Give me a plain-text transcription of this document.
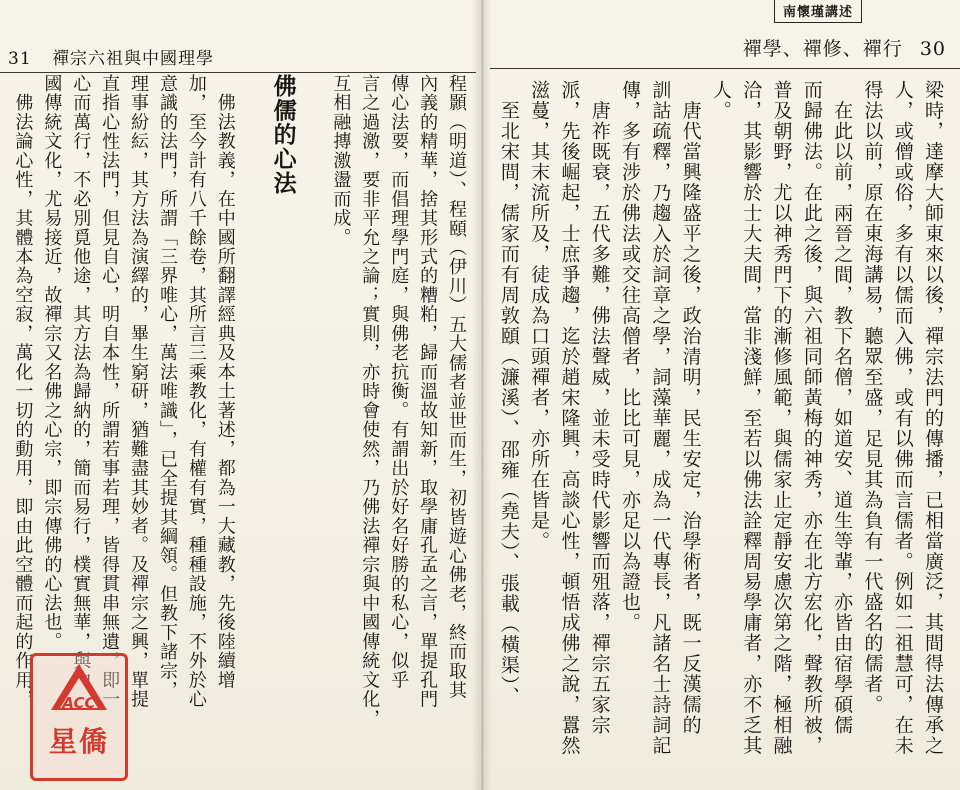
31 禪宗六祖與中國理學
程顥（明道）、程頤（伊川）五大儒者並世而生，初皆遊心佛老，終而取其
內義的精華，捨其形式的糟粕，歸而溫故知新，取學庸孔孟之言，單提孔門
傳心法要，而倡理學門庭，與佛老抗衡。有謂出於好名好勝的私心，似乎
言之過激，要非平允之論；實則，亦時會使然，乃佛法禪宗與中國傳統文化，
互相融摶激盪而成。

佛儒的心法

　佛法教義，在中國所翻譯經典及本土著述，都為一大藏教，先後陸續增
加，至今計有八千餘卷，其所言三乘教化，有權有實，種種設施，不外於心
意識的法門，所謂「三界唯心，萬法唯識」，已全提其綱領。但教下諸宗，
理事紛紜，其方法為演繹的，畢生窮研，猶難盡其妙者。及禪宗之興，單提
直指心性法門，但見自心，明自本性，所謂若事若理，皆得貫串無遺，即一
心而萬行，不必別覓他途，其方法為歸納的，簡而易行，樸實無華，與中
國傳統文化，尤易接近，故禪宗又名佛之心宗，即宗傳佛的心法也。
　佛法論心性，其體本為空寂，萬化一切的動用，即由此空體而起的作用，
南懷瑾講述
禪學、禪修、禪行 30
梁時，達摩大師東來以後，禪宗法門的傳播，已相當廣泛，其間得法傳承之
人，或僧或俗，多有以儒而入佛，或有以佛而言儒者。例如二祖慧可，在未
得法以前，原在東海講易，聽眾至盛，足見其為負有一代盛名的儒者。
　在此以前，兩晉之間，教下名僧，如道安、道生等輩，亦皆由宿學碩儒
而歸佛法。在此之後，與六祖同師黃梅的神秀，亦在北方宏化，聲教所被，
普及朝野，尤以神秀門下的漸修風範，與儒家止定靜安慮次第之階，極相融
洽，其影響於士大夫間，當非淺鮮，至若以佛法詮釋周易學庸者，亦不乏其
人。
　唐代當興隆盛平之後，政治清明，民生安定，治學術者，既一反漢儒的
訓詁疏釋，乃趨入於詞章之學，詞藻華麗，成為一代專長，凡諸名士詩詞記
傳，多有涉於佛法或交往高僧者，比比可見，亦足以為證也。
　唐祚既衰，五代多難，佛法聲威，並未受時代影響而殂落，禪宗五家宗
派，先後崛起，士庶爭趨，迄於趙宋隆興，高談心性，頓悟成佛之說，囂然
滋蔓，其末流所及，徒成為口頭禪者，亦所在皆是。
　至北宋間，儒家而有周敦頤（濂溪）、邵雍（堯夫）、張載（橫渠）、
ACC
星僑
